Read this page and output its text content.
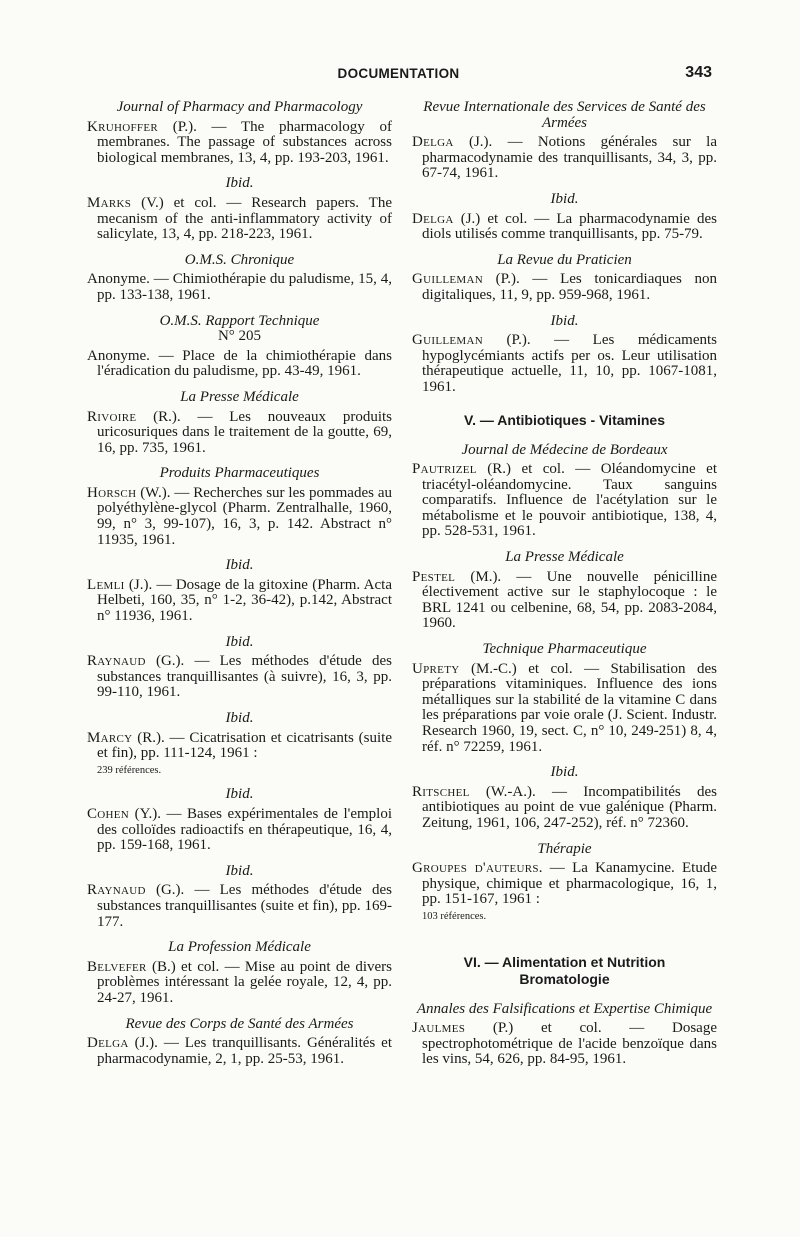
DOCUMENTATION	343
Journal of Pharmacy and Pharmacology
Kruhoffer (P.). — The pharmacology of membranes. The passage of substances across biological membranes, 13, 4, pp. 193-203, 1961.
Ibid.
Marks (V.) et col. — Research papers. The mecanism of the anti-inflammatory activity of salicylate, 13, 4, pp. 218-223, 1961.
O.M.S. Chronique
Anonyme. — Chimiothérapie du paludisme, 15, 4, pp. 133-138, 1961.
O.M.S. Rapport Technique
N° 205
Anonyme. — Place de la chimiothérapie dans l'éradication du paludisme, pp. 43-49, 1961.
La Presse Médicale
Rivoire (R.). — Les nouveaux produits uricosuriques dans le traitement de la goutte, 69, 16, pp. 735, 1961.
Produits Pharmaceutiques
Horsch (W.). — Recherches sur les pommades au polyéthylène-glycol (Pharm. Zentralhalle, 1960, 99, n° 3, 99-107), 16, 3, p. 142. Abstract n° 11935, 1961.
Ibid.
Lemli (J.). — Dosage de la gitoxine (Pharm. Acta Helbeti, 160, 35, n° 1-2, 36-42), p.142, Abstract n° 11936, 1961.
Ibid.
Raynaud (G.). — Les méthodes d'étude des substances tranquillisantes (à suivre), 16, 3, pp. 99-110, 1961.
Ibid.
Marcy (R.). — Cicatrisation et cicatrisants (suite et fin), pp. 111-124, 1961 :
239 références.
Ibid.
Cohen (Y.). — Bases expérimentales de l'emploi des colloïdes radioactifs en thérapeutique, 16, 4, pp. 159-168, 1961.
Ibid.
Raynaud (G.). — Les méthodes d'étude des substances tranquillisantes (suite et fin), pp. 169-177.
La Profession Médicale
Belvefer (B.) et col. — Mise au point de divers problèmes intéressant la gelée royale, 12, 4, pp. 24-27, 1961.
Revue des Corps de Santé des Armées
Delga (J.). — Les tranquillisants. Généralités et pharmacodynamie, 2, 1, pp. 25-53, 1961.
Revue Internationale des Services de Santé des Armées
Delga (J.). — Notions générales sur la pharmacodynamie des tranquillisants, 34, 3, pp. 67-74, 1961.
Ibid.
Delga (J.) et col. — La pharmacodynamie des diols utilisés comme tranquillisants, pp. 75-79.
La Revue du Praticien
Guilleman (P.). — Les tonicardiaques non digitaliques, 11, 9, pp. 959-968, 1961.
Ibid.
Guilleman (P.). — Les médicaments hypoglycémiants actifs per os. Leur utilisation thérapeutique actuelle, 11, 10, pp. 1067-1081, 1961.
V. — Antibiotiques - Vitamines
Journal de Médecine de Bordeaux
Pautrizel (R.) et col. — Oléandomycine et triacétyl-oléandomycine. Taux sanguins comparatifs. Influence de l'acétylation sur le métabolisme et le pouvoir antibiotique, 138, 4, pp. 528-531, 1961.
La Presse Médicale
Pestel (M.). — Une nouvelle pénicilline électivement active sur le staphylocoque : le BRL 1241 ou celbenine, 68, 54, pp. 2083-2084, 1960.
Technique Pharmaceutique
Uprety (M.-C.) et col. — Stabilisation des préparations vitaminiques. Influence des ions métalliques sur la stabilité de la vitamine C dans les préparations par voie orale (J. Scient. Industr. Research 1960, 19, sect. C, n° 10, 249-251) 8, 4, réf. n° 72259, 1961.
Ibid.
Ritschel (W.-A.). — Incompatibilités des antibiotiques au point de vue galénique (Pharm. Zeitung, 1961, 106, 247-252), réf. n° 72360.
Thérapie
Groupes d'auteurs. — La Kanamycine. Etude physique, chimique et pharmacologique, 16, 1, pp. 151-167, 1961 :
103 références.
VI. — Alimentation et Nutrition
Bromatologie
Annales des Falsifications et Expertise Chimique
Jaulmes (P.) et col. — Dosage spectrophotométrique de l'acide benzoïque dans les vins, 54, 626, pp. 84-95, 1961.
